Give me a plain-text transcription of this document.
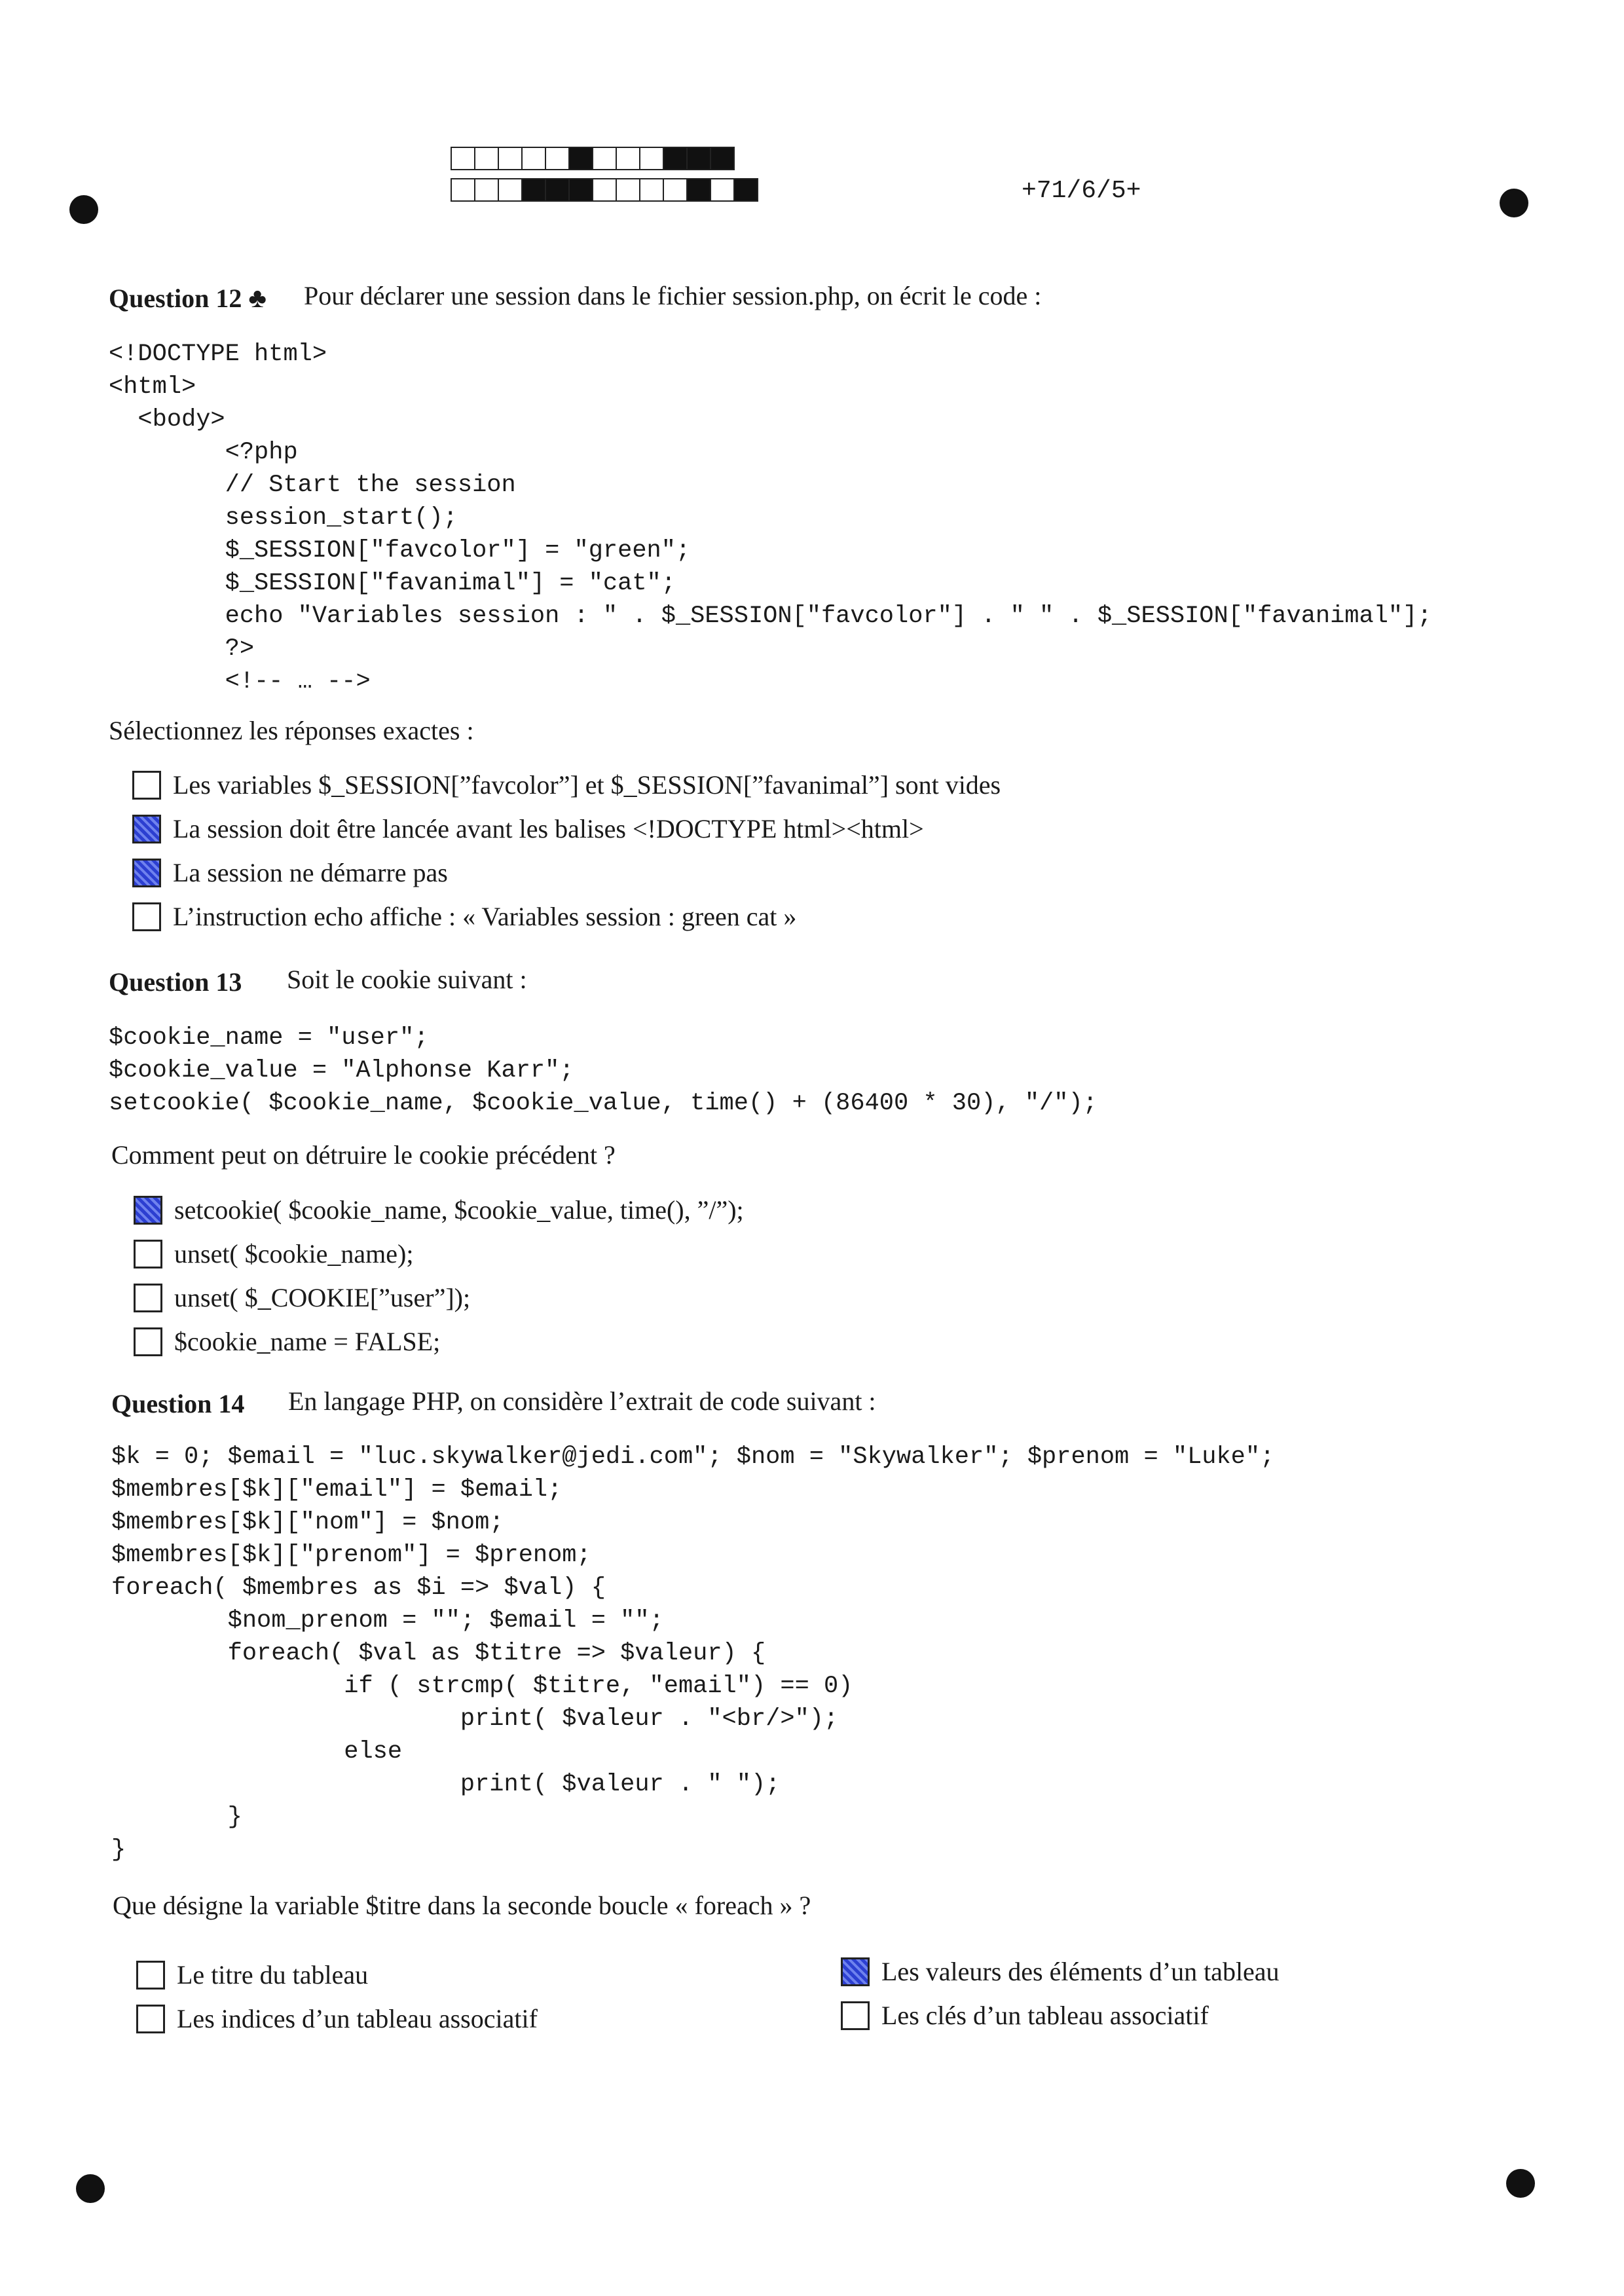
+71/6/5+
Question 12 ♣ Pour déclarer une session dans le fichier session.php, on écrit le code :
<!DOCTYPE html>
<html>
<body>
<?php
// Start the session
session_start();
$_SESSION["favcolor"] = "green";
$_SESSION["favanimal"] = "cat";
echo "Variables session : " . $_SESSION["favcolor"] . " " . $_SESSION["favanimal"];
?>
<!-- … -->
Sélectionnez les réponses exactes :
Les variables $_SESSION[”favcolor”] et $_SESSION[”favanimal”] sont vides
La session doit être lancée avant les balises <!DOCTYPE html><html>
La session ne démarre pas
L’instruction echo affiche : « Variables session : green cat »
Question 13 Soit le cookie suivant :
$cookie_name = "user";
$cookie_value = "Alphonse Karr";
setcookie( $cookie_name, $cookie_value, time() + (86400 * 30), "/");
Comment peut on détruire le cookie précédent ?
setcookie( $cookie_name, $cookie_value, time(), ”/”);
unset( $cookie_name);
unset( $_COOKIE[”user”]);
$cookie_name = FALSE;
Question 14 En langage PHP, on considère l’extrait de code suivant :
$k = 0; $email = "luc.skywalker@jedi.com"; $nom = "Skywalker"; $prenom = "Luke";
$membres[$k]["email"] = $email;
$membres[$k]["nom"] = $nom;
$membres[$k]["prenom"] = $prenom;
foreach( $membres as $i => $val) {
$nom_prenom = ""; $email = "";
foreach( $val as $titre => $valeur) {
if ( strcmp( $titre, "email") == 0)
print( $valeur . "<br/>");
else
print( $valeur . " ");
}
}
Que désigne la variable $titre dans la seconde boucle « foreach » ?
Le titre du tableau
Les indices d’un tableau associatif
Les valeurs des éléments d’un tableau
Les clés d’un tableau associatif
